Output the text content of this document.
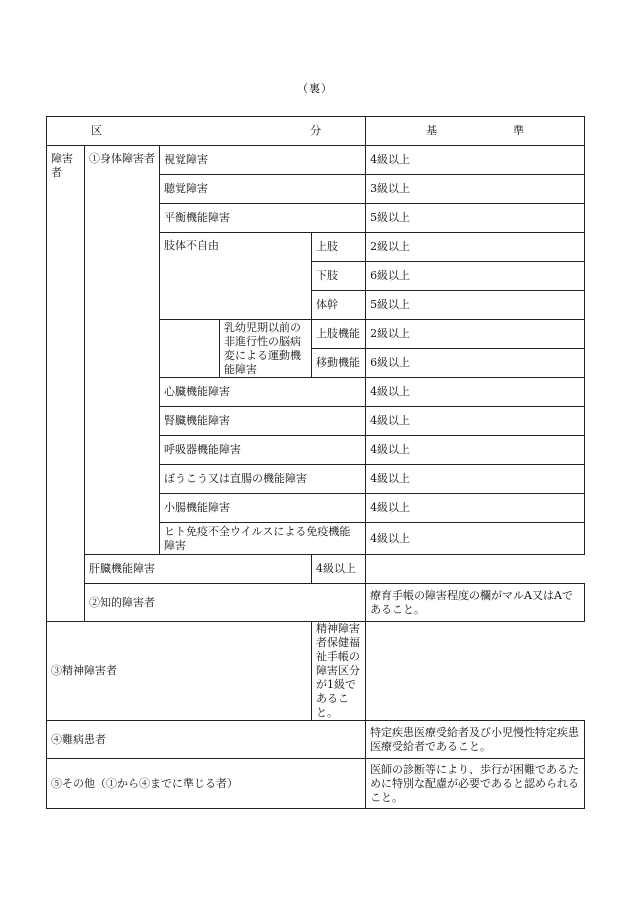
（裏）
区 分					基 準

障害者	①身体障害者	視覚障害			4級以上
		聴覚障害			3級以上
		平衡機能障害			5級以上
		肢体不自由		上肢	2級以上
				下肢	6級以上
				体幹	5級以上
			乳幼児期以前の非進行性の脳病変による運動機能障害	上肢機能	2級以上
				移動機能	6級以上
		心臓機能障害			4級以上
		腎臓機能障害			4級以上
		呼吸器機能障害			4級以上
		ぼうこう又は直腸の機能障害			4級以上
		小腸機能障害			4級以上
		ヒト免疫不全ウイルスによる免疫機能障害			4級以上
	肝臓機能障害			4級以上	
	②知的障害者				療育手帳の障害程度の欄がマルA又はAであること。
③精神障害者				精神障害者保健福祉手帳の障害区分が1級であること。	
④難病患者					特定疾患医療受給者及び小児慢性特定疾患医療受給者であること。
⑤その他（①から④までに準じる者）					医師の診断等により、歩行が困難であるために特別な配慮が必要であると認められること。
